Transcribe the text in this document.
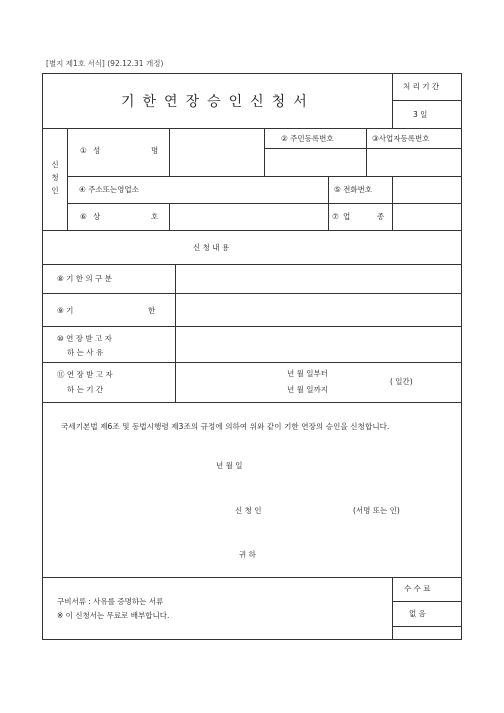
[별지 제1호 서식] (92.12.31 개정)
기한연장승인신청서
처 리 기 간
3 일
신
청
인
① 성	명
② 주민등록번호	③사업자등록번호
④ 주소또는영업소	⑤ 전화번호
⑥ 상	호	⑦ 업	종
신 청 내 용
⑧ 기 한 의 구 분
⑨ 기	한
⑩ 연 장 받 고 자
하 는 사 유
⑪ 연 장 받 고 자
하 는 기 간
년 월 일부터
년 월 일까지
( 일간)
국세기본법 제6조 및 동법시행령 제3조의 규정에 의하여 위와 같이 기한 연장의 승인을 신청합니다.
년 월 일
신 청 인	(서명 또는 인)
귀 하
구비서류 : 사유를 증명하는 서류
※ 이 신청서는 무료로 배부합니다.
수 수 료
없 음
